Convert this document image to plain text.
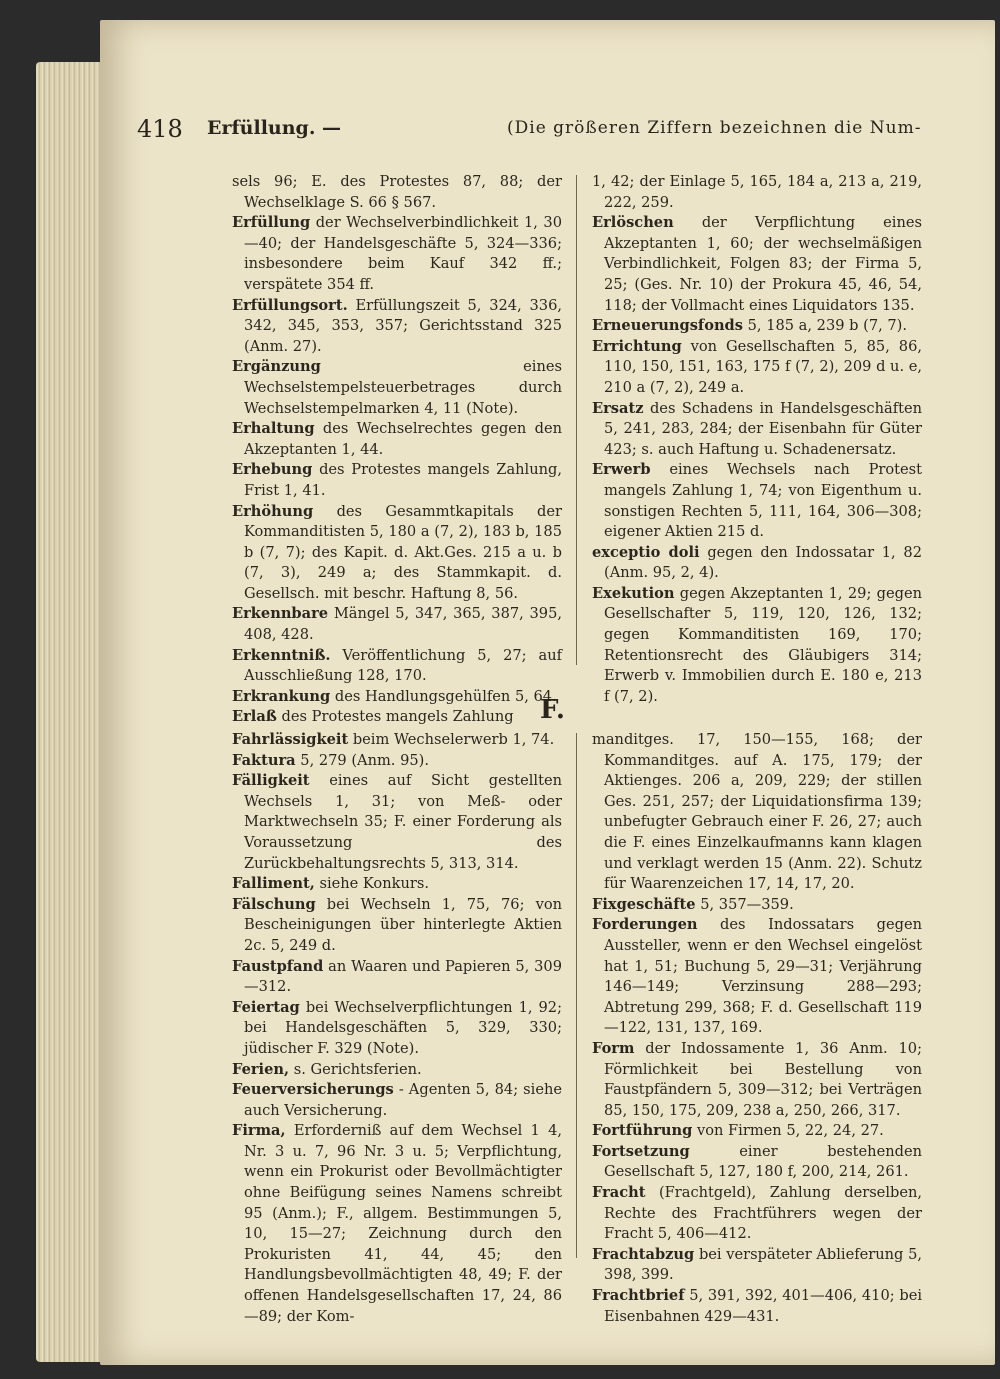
418 Erfüllung. —	(Die größeren Ziffern bezeichnen die Num-

sels 96; E. des Protestes 87, 88; der Wechselklage S. 66 § 567.

Erfüllung der Wechselverbindlichkeit 1, 30—40; der Handelsgeschäfte 5, 324—336; insbesondere beim Kauf 342 ff.; verspätete 354 ff.

Erfüllungsort. Erfüllungszeit 5, 324, 336, 342, 345, 353, 357; Gerichtsstand 325 (Anm. 27).

Ergänzung	eines Wechselstempelsteuerbetrages durch Wechselstempelmarken 4, 11 (Note).

Erhaltung des Wechselrechtes gegen den Akzeptanten 1, 44.

Erhebung des Protestes mangels Zahlung, Frist 1, 41.

Erhöhung des Gesammtkapitals der Kommanditisten 5, 180 a (7, 2), 183 b, 185 b (7, 7); des Kapit. d. Akt.Ges. 215 a u. b (7, 3), 249 a; des Stammkapit. d. Gesellsch. mit beschr. Haftung 8, 56.

Erkennbare Mängel 5, 347, 365, 387, 395, 408, 428.

Erkenntniß. Veröffentlichung 5, 27; auf Ausschließung 128, 170.

Erkrankung des Handlungsgehülfen 5, 64.

Erlaß des Protestes mangels Zahlung

1, 42; der Einlage 5, 165, 184 a, 213 a, 219, 222, 259.

Erlöschen der Verpflichtung eines Akzeptanten 1, 60; der wechselmäßigen Verbindlichkeit, Folgen 83; der Firma 5, 25; (Ges. Nr. 10) der Prokura 45, 46, 54, 118; der Vollmacht eines Liquidators 135.

Erneuerungsfonds 5, 185 a, 239 b (7, 7).

Errichtung von Gesellschaften 5, 85, 86, 110, 150, 151, 163, 175 f (7, 2), 209 d u. e, 210 a (7, 2), 249 a.

Ersatz des Schadens in Handelsgeschäften 5, 241, 283, 284; der Eisenbahn für Güter 423; s. auch Haftung u. Schadenersatz.

Erwerb eines Wechsels nach Protest mangels Zahlung 1, 74; von Eigenthum u. sonstigen Rechten 5, 111, 164, 306—308; eigener Aktien 215 d.

exceptio doli gegen den Indossatar 1, 82 (Anm. 95, 2, 4).

Exekution gegen Akzeptanten 1, 29; gegen Gesellschafter 5, 119, 120, 126, 132; gegen Kommanditisten 169, 170; Retentionsrecht des Gläubigers 314; Erwerb v. Immobilien durch E. 180 e, 213 f (7, 2).

F.

Fahrlässigkeit beim Wechselerwerb 1, 74.

Faktura 5, 279 (Anm. 95).

Fälligkeit eines auf Sicht gestellten Wechsels 1, 31; von Meß- oder Marktwechseln 35; F. einer Forderung als Voraussetzung des Zurückbehaltungsrechts 5, 313, 314.

Falliment, siehe Konkurs.

Fälschung bei Wechseln 1, 75, 76; von Bescheinigungen über hinterlegte Aktien 2c. 5, 249 d.

Faustpfand an Waaren und Papieren 5, 309—312.

Feiertag bei Wechselverpflichtungen 1, 92; bei Handelsgeschäften 5, 329, 330; jüdischer F. 329 (Note).

Ferien, s. Gerichtsferien.

Feuerversicherungs - Agenten 5, 84; siehe auch Versicherung.

Firma, Erforderniß auf dem Wechsel 1 4, Nr. 3 u. 7, 96 Nr. 3 u. 5; Verpflichtung, wenn ein Prokurist oder Bevollmächtigter ohne Beifügung seines Namens schreibt 95 (Anm.); F., allgem. Bestimmungen 5, 10, 15—27; Zeichnung durch den Prokuristen 41, 44, 45; den Handlungsbevollmächtigten 48, 49; F. der offenen Handelsgesellschaften 17, 24, 86—89; der Kom-

manditges. 17, 150—155, 168; der Kommanditges. auf A. 175, 179; der Aktienges. 206 a, 209, 229; der stillen Ges. 251, 257; der Liquidationsfirma 139; unbefugter Gebrauch einer F. 26, 27; auch die F. eines Einzelkaufmanns kann klagen und verklagt werden 15 (Anm. 22). Schutz für Waarenzeichen 17, 14, 17, 20.

Fixgeschäfte 5, 357—359.

Forderungen des Indossatars gegen Aussteller, wenn er den Wechsel eingelöst hat 1, 51; Buchung 5, 29—31; Verjährung 146—149; Verzinsung 288—293; Abtretung 299, 368; F. d. Gesellschaft 119—122, 131, 137, 169.

Form der Indossamente 1, 36 Anm. 10; Förmlichkeit bei Bestellung von Faustpfändern 5, 309—312; bei Verträgen 85, 150, 175, 209, 238 a, 250, 266, 317.

Fortführung von Firmen 5, 22, 24, 27.

Fortsetzung	einer bestehenden Gesellschaft 5, 127, 180 f, 200, 214, 261.

Fracht (Frachtgeld), Zahlung derselben, Rechte des Frachtführers wegen der Fracht 5, 406—412.

Frachtabzug bei verspäteter Ablieferung 5, 398, 399.

Frachtbrief 5, 391, 392, 401—406, 410; bei Eisenbahnen 429—431.
